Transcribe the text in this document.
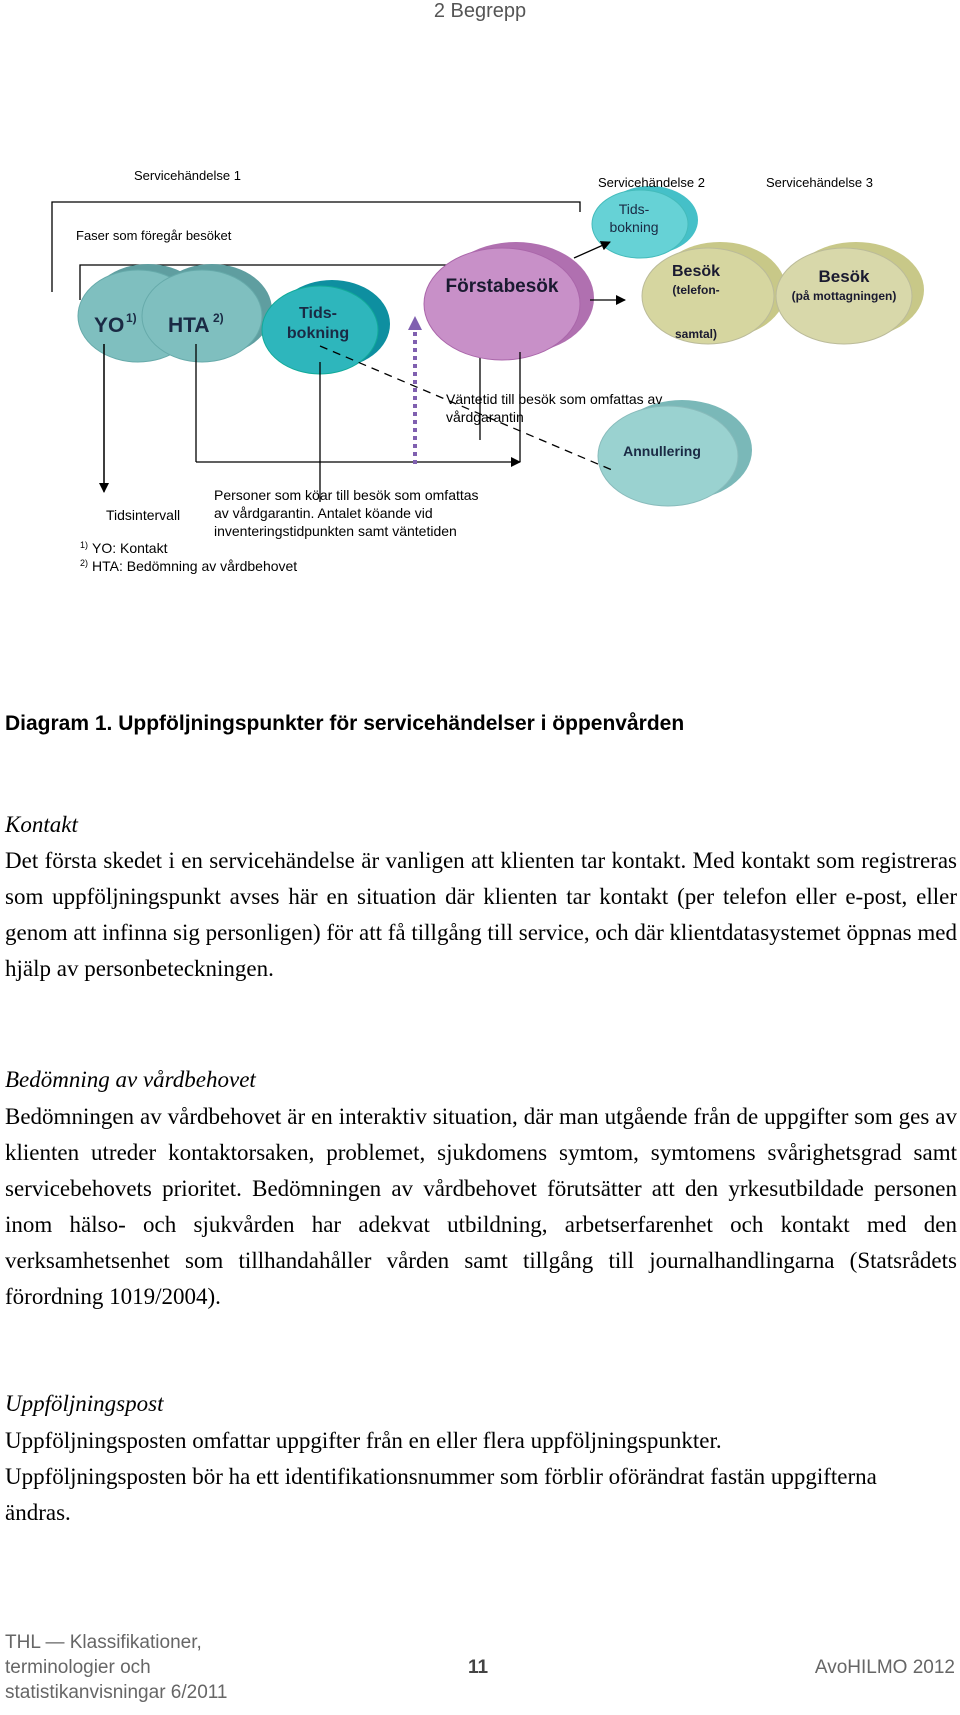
2 Begrepp
Servicehändelse 1	Servicehändelse 2	Servicehändelse 3
Faser som föregår besöket
YO 1) HTA 2)	Tids-
bokning
Förstabesök
Tids-
bokning
Besök
(telefon-
samtal)
Besök
(på mottagningen)
Väntetid till besök som omfattas av
vårdgarantin
Annullering
Tidsintervall
Personer som köar till besök som omfattas
av vårdgarantin. Antalet köande vid
inventeringstidpunkten samt väntetiden
1) YO: Kontakt
2) HTA: Bedömning av vårdbehovet
Diagram 1. Uppföljningspunkter för servicehändelser i öppenvården
Kontakt
Det första skedet i en servicehändelse är vanligen att klienten tar kontakt. Med kontakt som registreras som uppföljningspunkt avses här en situation där klienten tar kontakt (per telefon eller e-post, eller genom att infinna sig personligen) för att få tillgång till service, och där klientdatasystemet öppnas med hjälp av personbeteckningen.
Bedömning av vårdbehovet
Bedömningen av vårdbehovet är en interaktiv situation, där man utgående från de uppgifter som ges av klienten utreder kontaktorsaken, problemet, sjukdomens symtom, symtomens svårighetsgrad samt servicebehovets prioritet. Bedömningen av vårdbehovet förutsätter att den yrkesutbildade personen inom hälso- och sjukvården har adekvat utbildning, arbetserfarenhet och kontakt med den verksamhetsenhet som tillhandahåller vården samt tillgång till journalhandlingarna (Statsrådets förordning 1019/2004).
Uppföljningspost
Uppföljningsposten omfattar uppgifter från en eller flera uppföljningspunkter. Uppföljningsposten bör ha ett identifikationsnummer som förblir oförändrat fastän uppgifterna ändras.
THL — Klassifikationer,
terminologier och
statistikanvisningar 6/2011
11	AvoHILMO 2012
